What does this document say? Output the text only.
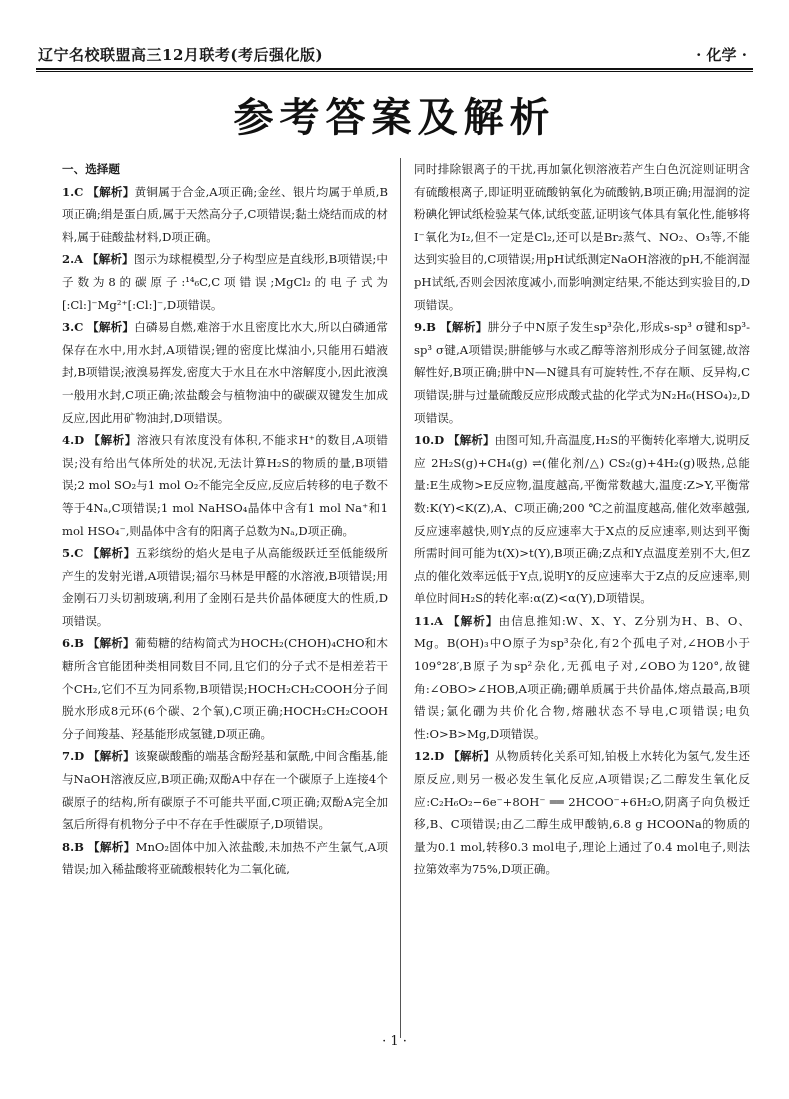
辽宁名校联盟高三12月联考(考后强化版)	· 化学 ·
参考答案及解析
一、选择题

1.C 【解析】黄铜属于合金,A项正确;金丝、银片均属于单质,B项正确;绢是蛋白质,属于天然高分子,C项错误;黏土烧结而成的材料,属于硅酸盐材料,D项正确。

2.A 【解析】图示为球棍模型,分子构型应是直线形,B项错误;中子数为8的碳原子:¹⁴₆C,C项错误;MgCl₂的电子式为[:Cl:]⁻Mg²⁺[:Cl:]⁻,D项错误。

3.C 【解析】白磷易自燃,难溶于水且密度比水大,所以白磷通常保存在水中,用水封,A项错误;锂的密度比煤油小,只能用石蜡液封,B项错误;液溴易挥发,密度大于水且在水中溶解度小,因此液溴一般用水封,C项正确;浓盐酸会与植物油中的碳碳双键发生加成反应,因此用矿物油封,D项错误。

4.D 【解析】溶液只有浓度没有体积,不能求H⁺的数目,A项错误;没有给出气体所处的状况,无法计算H₂S的物质的量,B项错误;2 mol SO₂与1 mol O₂不能完全反应,反应后转移的电子数不等于4Nₐ,C项错误;1 mol NaHSO₄晶体中含有1 mol Na⁺和1 mol HSO₄⁻,则晶体中含有的阳离子总数为Nₐ,D项正确。

5.C 【解析】五彩缤纷的焰火是电子从高能级跃迁至低能级所产生的发射光谱,A项错误;福尔马林是甲醛的水溶液,B项错误;用金刚石刀头切割玻璃,利用了金刚石是共价晶体硬度大的性质,D项错误。

6.B 【解析】葡萄糖的结构简式为HOCH₂(CHOH)₄CHO和木糖所含官能团种类相同数目不同,且它们的分子式不是相差若干个CH₂,它们不互为同系物,B项错误;HOCH₂CH₂COOH分子间脱水形成8元环(6个碳、2个氧),C项正确;HOCH₂CH₂COOH分子间羧基、羟基能形成氢键,D项正确。

7.D 【解析】该聚碳酸酯的端基含酚羟基和氯酰,中间含酯基,能与NaOH溶液反应,B项正确;双酚A中存在一个碳原子上连接4个碳原子的结构,所有碳原子不可能共平面,C项正确;双酚A完全加氢后所得有机物分子中不存在手性碳原子,D项错误。

8.B 【解析】MnO₂固体中加入浓盐酸,未加热不产生氯气,A项错误;加入稀盐酸将亚硫酸根转化为二氧化硫,

同时排除银离子的干扰,再加氯化钡溶液若产生白色沉淀则证明含有硫酸根离子,即证明亚硫酸钠氧化为硫酸钠,B项正确;用湿润的淀粉碘化钾试纸检验某气体,试纸变蓝,证明该气体具有氧化性,能够将I⁻氧化为I₂,但不一定是Cl₂,还可以是Br₂蒸气、NO₂、O₃等,不能达到实验目的,C项错误;用pH试纸测定NaOH溶液的pH,不能润湿pH试纸,否则会因浓度减小,而影响测定结果,不能达到实验目的,D项错误。

9.B 【解析】肼分子中N原子发生sp³杂化,形成s-sp³ σ键和sp³-sp³ σ键,A项错误;肼能够与水或乙醇等溶剂形成分子间氢键,故溶解性好,B项正确;肼中N—N键具有可旋转性,不存在顺、反异构,C项错误;肼与过量硫酸反应形成酸式盐的化学式为N₂H₆(HSO₄)₂,D项错误。

10.D 【解析】由图可知,升高温度,H₂S的平衡转化率增大,说明反应 2H₂S(g)+CH₄(g) ⇌(催化剂/△) CS₂(g)+4H₂(g)吸热,总能量:E生成物>E反应物,温度越高,平衡常数越大,温度:Z>Y,平衡常数:K(Y)<K(Z),A、C项正确;200 ℃之前温度越高,催化效率越强,反应速率越快,则Y点的反应速率大于X点的反应速率,则达到平衡所需时间可能为t(X)>t(Y),B项正确;Z点和Y点温度差别不大,但Z点的催化效率远低于Y点,说明Y的反应速率大于Z点的反应速率,则单位时间H₂S的转化率:α(Z)<α(Y),D项错误。

11.A 【解析】由信息推知:W、X、Y、Z分别为H、B、O、Mg。B(OH)₃中O原子为sp³杂化,有2个孤电子对,∠HOB小于109°28′,B原子为sp²杂化,无孤电子对,∠OBO为120°,故键角:∠OBO>∠HOB,A项正确;硼单质属于共价晶体,熔点最高,B项错误;氯化硼为共价化合物,熔融状态不导电,C项错误;电负性:O>B>Mg,D项错误。

12.D 【解析】从物质转化关系可知,铂极上水转化为氢气,发生还原反应,则另一极必发生氧化反应,A项错误;乙二醇发生氧化反应:C₂H₆O₂−6e⁻+8OH⁻ ══ 2HCOO⁻+6H₂O,阴离子向负极迁移,B、C项错误;由乙二醇生成甲酸钠,6.8 g HCOONa的物质的量为0.1 mol,转移0.3 mol电子,理论上通过了0.4 mol电子,则法拉第效率为75%,D项正确。

· 1 ·
